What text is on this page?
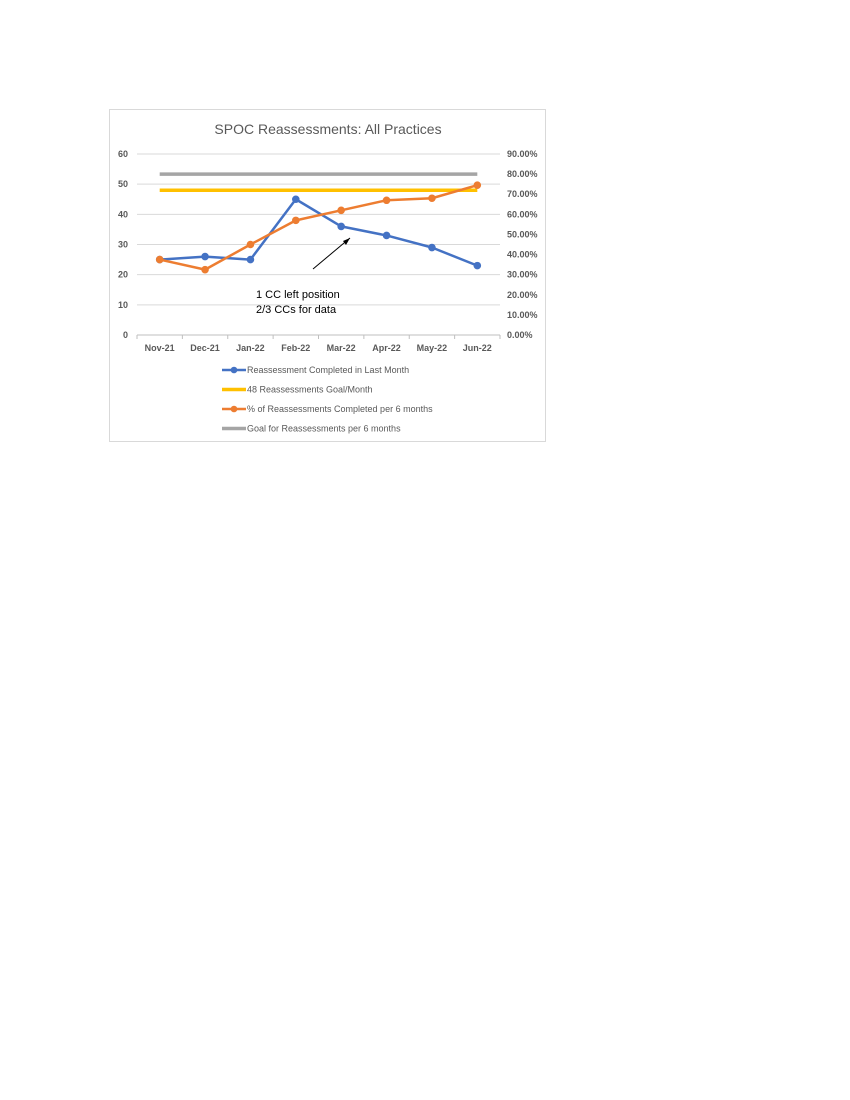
SPOC Reassessments: All Practices
0
10
20
30
40
50
60
0.00%
10.00%
20.00%
30.00%
40.00%
50.00%
60.00%
70.00%
80.00%
90.00%
Nov-21 Dec-21 Jan-22 Feb-22 Mar-22 Apr-22 May-22 Jun-22
1 CC left position
2/3 CCs for data
Reassessment Completed in Last Month
48 Reassessments Goal/Month
% of Reassessments Completed per 6 months
Goal for Reassessments per 6 months
